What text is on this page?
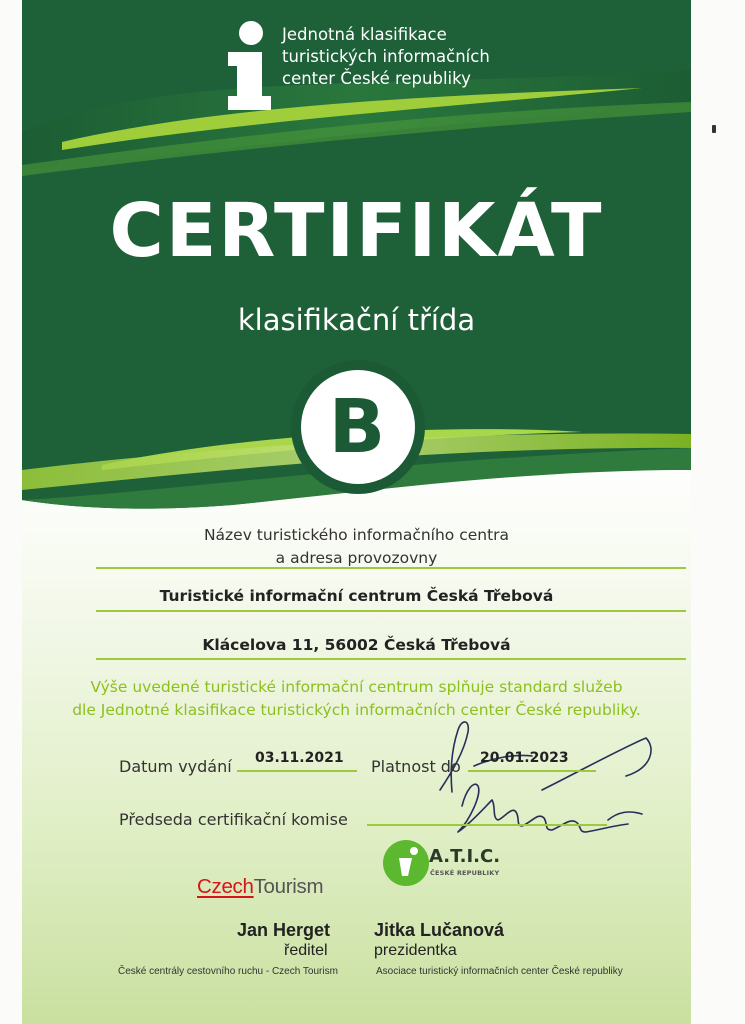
Jednotná klasifikace
turistických informačních
center České republiky
CERTIFIKÁT
klasifikační třída
B
Název turistického informačního centra
a adresa provozovny
Turistické informační centrum Česká Třebová
Klácelova 11, 56002 Česká Třebová
Výše uvedené turistické informační centrum splňuje standard služeb
dle Jednotné klasifikace turistických informačních center České republiky.
Datum vydání 03.11.2021 Platnost do 20.01.2023
Předseda certifikační komise
CzechTourism
A.T.I.C.
ČESKÉ REPUBLIKY
Jan Herget
ředitel
České centrály cestovního ruchu - Czech Tourism
Jitka Lučanová
prezidentka
Asociace turistický informačních center České republiky
